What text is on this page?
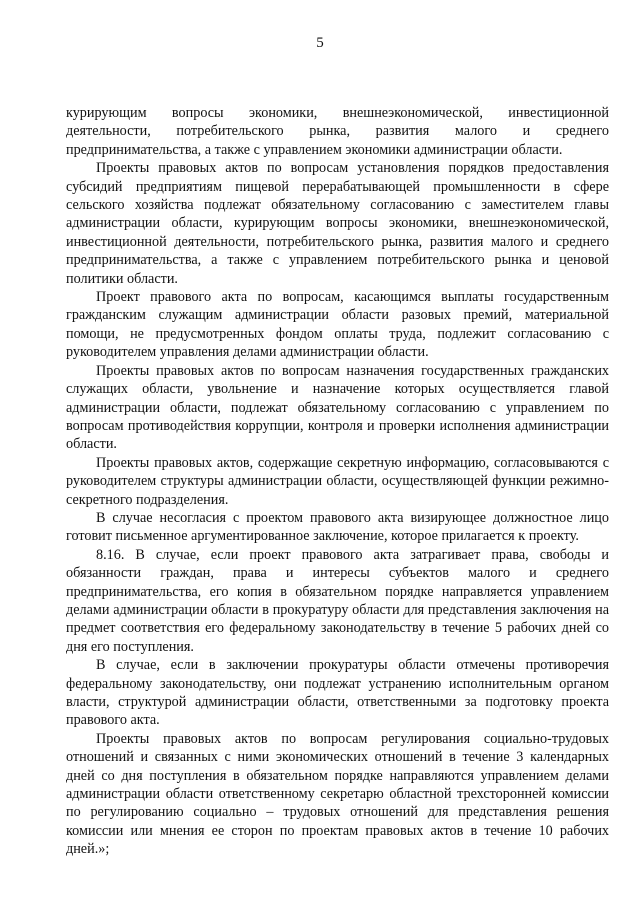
5

курирующим вопросы экономики, внешнеэкономической, инвестиционной деятельности, потребительского рынка, развития малого и среднего предпринимательства, а также с управлением экономики администрации области.

Проекты правовых актов по вопросам установления порядков предоставления субсидий предприятиям пищевой перерабатывающей промышленности в сфере сельского хозяйства подлежат обязательному согласованию с заместителем главы администрации области, курирующим вопросы экономики, внешнеэкономической, инвестиционной деятельности, потребительского рынка, развития малого и среднего предпринимательства, а также с управлением потребительского рынка и ценовой политики области.

Проект правового акта по вопросам, касающимся выплаты государственным гражданским служащим администрации области разовых премий, материальной помощи, не предусмотренных фондом оплаты труда, подлежит согласованию с руководителем управления делами администрации области.

Проекты правовых актов по вопросам назначения государственных гражданских служащих области, увольнение и назначение которых осуществляется главой администрации области, подлежат обязательному согласованию с управлением по вопросам противодействия коррупции, контроля и проверки исполнения администрации области.

Проекты правовых актов, содержащие секретную информацию, согласовываются с руководителем структуры администрации области, осуществляющей функции режимно-секретного подразделения.

В случае несогласия с проектом правового акта визирующее должностное лицо готовит письменное аргументированное заключение, которое прилагается к проекту.

8.16. В случае, если проект правового акта затрагивает права, свободы и обязанности граждан, права и интересы субъектов малого и среднего предпринимательства, его копия в обязательном порядке направляется управлением делами администрации области в прокуратуру области для представления заключения на предмет соответствия его федеральному законодательству в течение 5 рабочих дней со дня его поступления.

В случае, если в заключении прокуратуры области отмечены противоречия федеральному законодательству, они подлежат устранению исполнительным органом власти, структурой администрации области, ответственными за подготовку проекта правового акта.

Проекты правовых актов по вопросам регулирования социально-трудовых отношений и связанных с ними экономических отношений в течение 3 календарных дней со дня поступления в обязательном порядке направляются управлением делами администрации области ответственному секретарю областной трехсторонней комиссии по регулированию социально – трудовых отношений для представления решения комиссии или мнения ее сторон по проектам правовых актов в течение 10 рабочих дней.»;
